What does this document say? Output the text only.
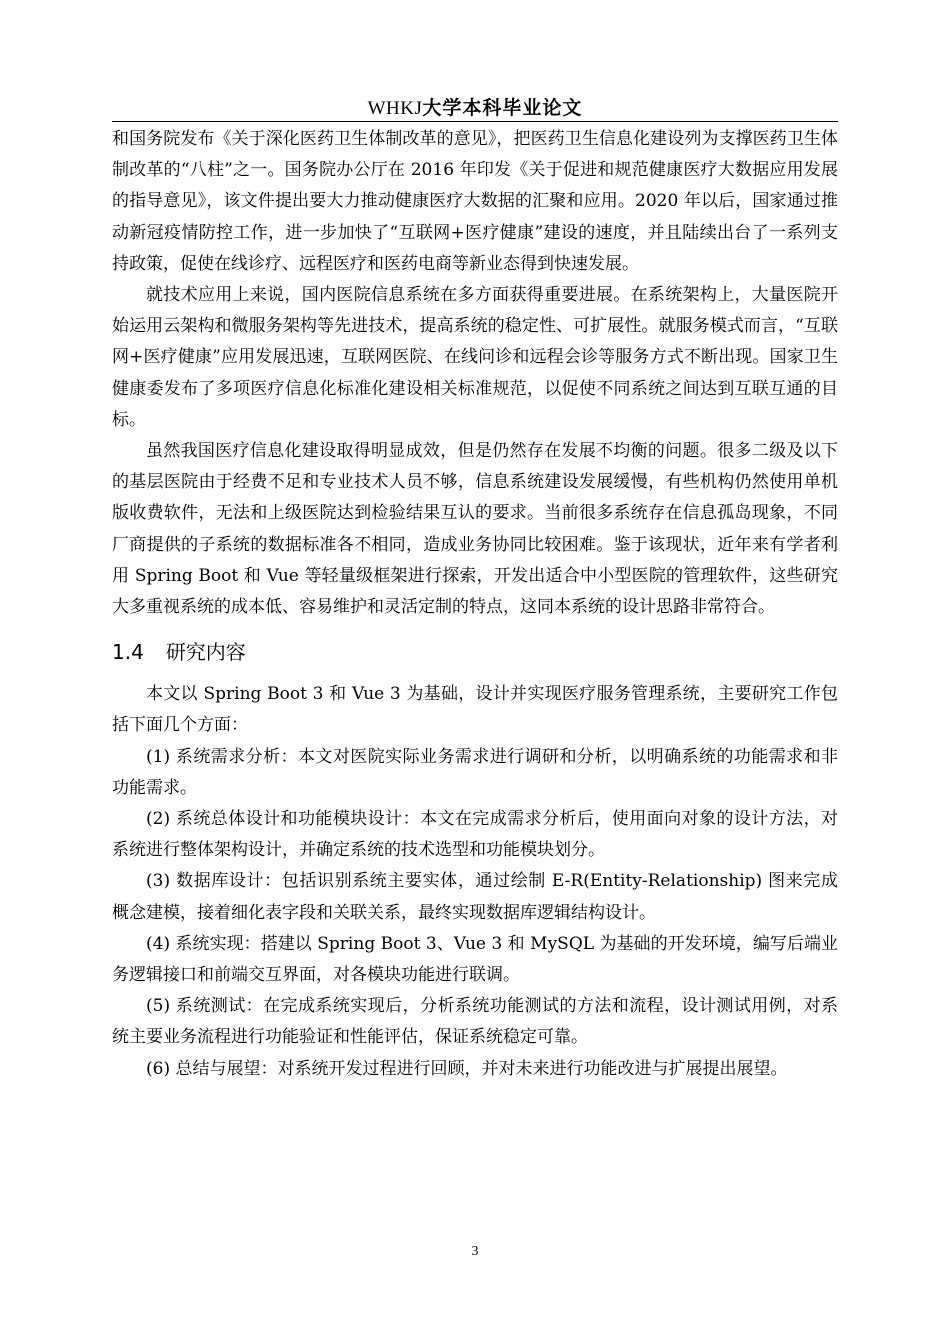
WHKJ大学本科毕业论文

和国务院发布《关于深化医药卫生体制改革的意见》，把医药卫生信息化建设列为支撑医药卫生体制改革的“八柱”之一。国务院办公厅在 2016 年印发《关于促进和规范健康医疗大数据应用发展的指导意见》，该文件提出要大力推动健康医疗大数据的汇聚和应用。2020 年以后，国家通过推动新冠疫情防控工作，进一步加快了“互联网+医疗健康”建设的速度，并且陆续出台了一系列支持政策，促使在线诊疗、远程医疗和医药电商等新业态得到快速发展。

就技术应用上来说，国内医院信息系统在多方面获得重要进展。在系统架构上，大量医院开始运用云架构和微服务架构等先进技术，提高系统的稳定性、可扩展性。就服务模式而言，“互联网+医疗健康”应用发展迅速，互联网医院、在线问诊和远程会诊等服务方式不断出现。国家卫生健康委发布了多项医疗信息化标准化建设相关标准规范，以促使不同系统之间达到互联互通的目标。

虽然我国医疗信息化建设取得明显成效，但是仍然存在发展不均衡的问题。很多二级及以下的基层医院由于经费不足和专业技术人员不够，信息系统建设发展缓慢，有些机构仍然使用单机版收费软件，无法和上级医院达到检验结果互认的要求。当前很多系统存在信息孤岛现象，不同厂商提供的子系统的数据标准各不相同，造成业务协同比较困难。鉴于该现状，近年来有学者利用 Spring Boot 和 Vue 等轻量级框架进行探索，开发出适合中小型医院的管理软件，这些研究大多重视系统的成本低、容易维护和灵活定制的特点，这同本系统的设计思路非常符合。

1.4 研究内容

本文以 Spring Boot 3 和 Vue 3 为基础，设计并实现医疗服务管理系统，主要研究工作包括下面几个方面：

(1) 系统需求分析：本文对医院实际业务需求进行调研和分析，以明确系统的功能需求和非功能需求。

(2) 系统总体设计和功能模块设计：本文在完成需求分析后，使用面向对象的设计方法，对系统进行整体架构设计，并确定系统的技术选型和功能模块划分。

(3) 数据库设计：包括识别系统主要实体，通过绘制 E-R(Entity-Relationship) 图来完成概念建模，接着细化表字段和关联关系，最终实现数据库逻辑结构设计。

(4) 系统实现：搭建以 Spring Boot 3、Vue 3 和 MySQL 为基础的开发环境，编写后端业务逻辑接口和前端交互界面，对各模块功能进行联调。

(5) 系统测试：在完成系统实现后，分析系统功能测试的方法和流程，设计测试用例，对系统主要业务流程进行功能验证和性能评估，保证系统稳定可靠。

(6) 总结与展望：对系统开发过程进行回顾，并对未来进行功能改进与扩展提出展望。

3
